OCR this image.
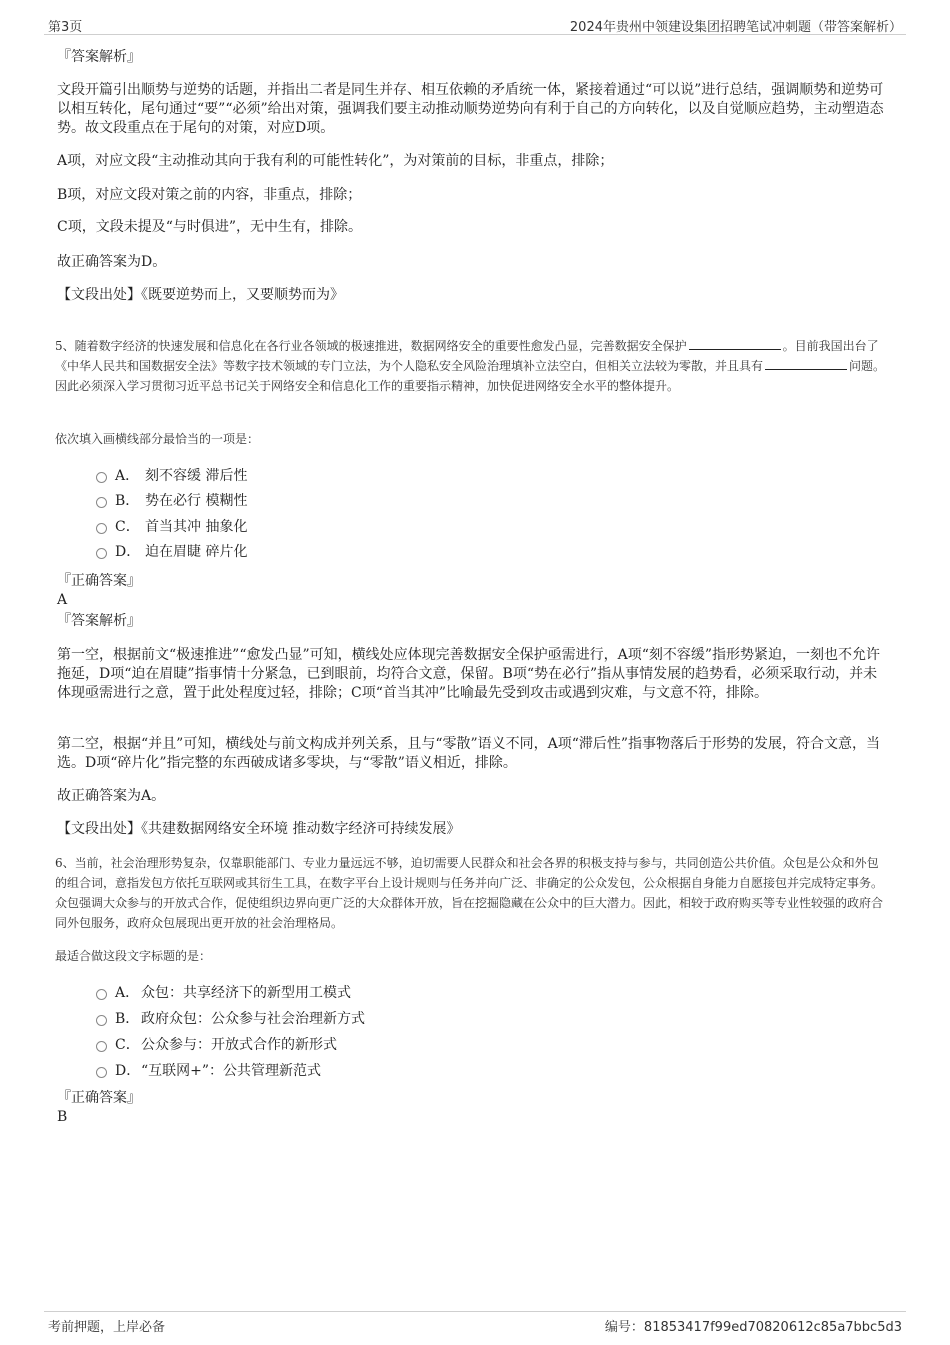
第3页	2024年贵州中领建设集团招聘笔试冲刺题（带答案解析）
『答案解析』
文段开篇引出顺势与逆势的话题，并指出二者是同生并存、相互依赖的矛盾统一体，紧接着通过“可以说”进行总结，强调顺势和逆势可以相互转化，尾句通过“要”“必须”给出对策，强调我们要主动推动顺势逆势向有利于自己的方向转化，以及自觉顺应趋势，主动塑造态势。故文段重点在于尾句的对策，对应D项。
A项，对应文段“主动推动其向于我有利的可能性转化”，为对策前的目标，非重点，排除；
B项，对应文段对策之前的内容，非重点，排除；
C项，文段未提及“与时俱进”，无中生有，排除。
故正确答案为D。
【文段出处】《既要逆势而上，又要顺势而为》
5、随着数字经济的快速发展和信息化在各行业各领域的极速推进，数据网络安全的重要性愈发凸显，完善数据安全保护	。目前我国出台了《中华人民共和国数据安全法》等数字技术领域的专门立法，为个人隐私安全风险治理填补立法空白，但相关立法较为零散，并且具有	问题。因此必须深入学习贯彻习近平总书记关于网络安全和信息化工作的重要指示精神，加快促进网络安全水平的整体提升。
依次填入画横线部分最恰当的一项是：
A． 刻不容缓 滞后性
B． 势在必行 模糊性
C． 首当其冲 抽象化
D． 迫在眉睫 碎片化
『正确答案』
A
『答案解析』
第一空，根据前文“极速推进”“愈发凸显”可知，横线处应体现完善数据安全保护亟需进行，A项“刻不容缓”指形势紧迫，一刻也不允许拖延，D项“迫在眉睫”指事情十分紧急，已到眼前，均符合文意，保留。B项“势在必行”指从事情发展的趋势看，必须采取行动，并未体现亟需进行之意，置于此处程度过轻，排除；C项“首当其冲”比喻最先受到攻击或遇到灾难，与文意不符，排除。
第二空，根据“并且”可知，横线处与前文构成并列关系，且与“零散”语义不同，A项“滞后性”指事物落后于形势的发展，符合文意，当选。D项“碎片化”指完整的东西破成诸多零块，与“零散”语义相近，排除。
故正确答案为A。
【文段出处】《共建数据网络安全环境 推动数字经济可持续发展》
6、当前，社会治理形势复杂，仅靠职能部门、专业力量远远不够，迫切需要人民群众和社会各界的积极支持与参与，共同创造公共价值。众包是公众和外包的组合词，意指发包方依托互联网或其衍生工具，在数字平台上设计规则与任务并向广泛、非确定的公众发包，公众根据自身能力自愿接包并完成特定事务。众包强调大众参与的开放式合作，促使组织边界向更广泛的大众群体开放，旨在挖掘隐藏在公众中的巨大潜力。因此，相较于政府购买等专业性较强的政府合同外包服务，政府众包展现出更开放的社会治理格局。
最适合做这段文字标题的是：
A． 众包：共享经济下的新型用工模式
B． 政府众包：公众参与社会治理新方式
C．公众参与：开放式合作的新形式
D．“互联网+”：公共管理新范式
『正确答案』
B
考前押题，上岸必备	编号：81853417f99ed70820612c85a7bbc5d3
